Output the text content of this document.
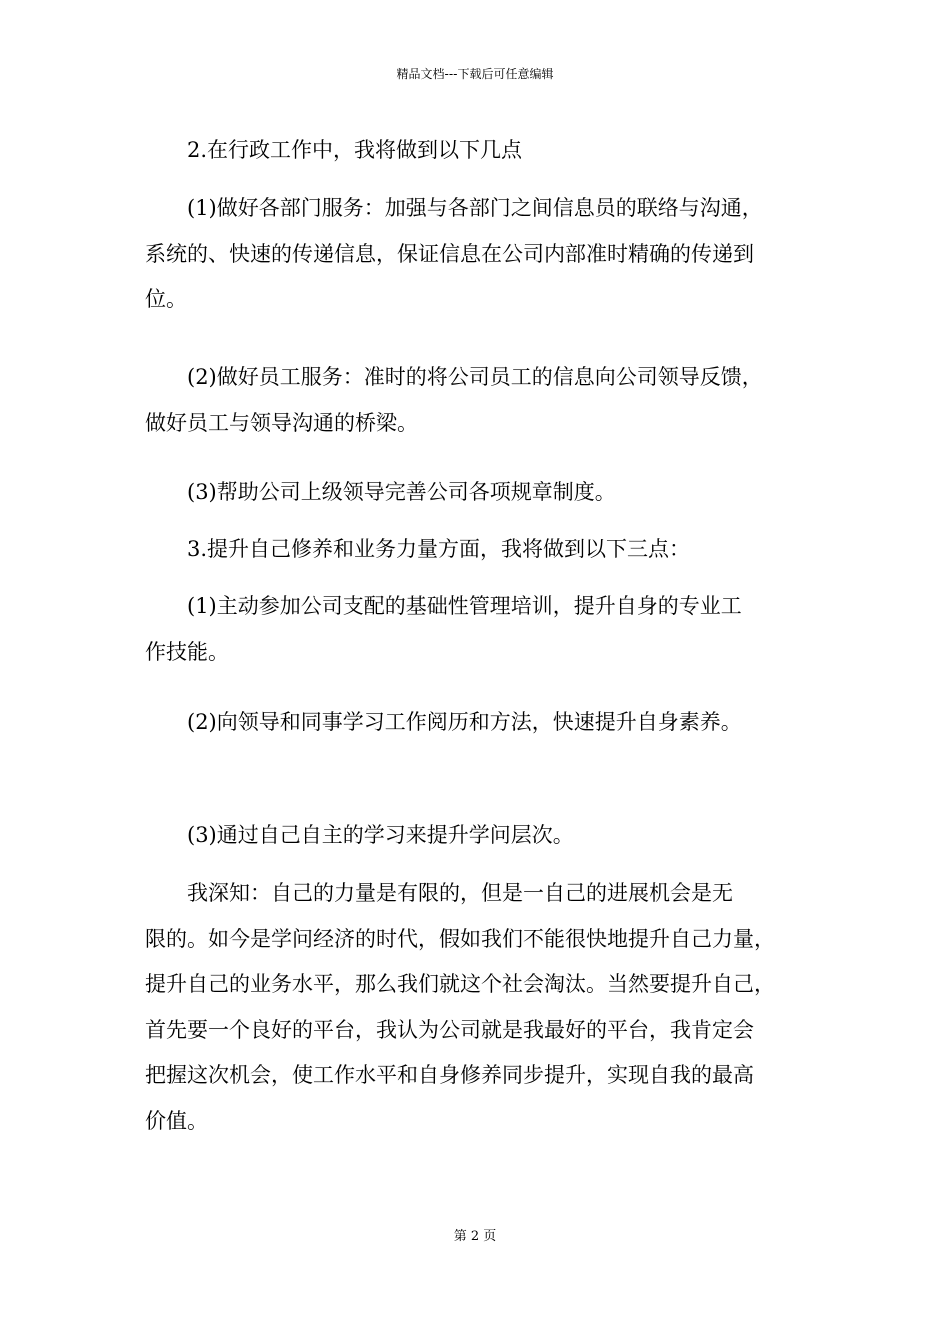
精品文档---下载后可任意编辑

2.在行政工作中，我将做到以下几点

(1)做好各部门服务：加强与各部门之间信息员的联络与沟通，
系统的、快速的传递信息，保证信息在公司内部准时精确的传递到
位。

(2)做好员工服务：准时的将公司员工的信息向公司领导反馈，
做好员工与领导沟通的桥梁。

(3)帮助公司上级领导完善公司各项规章制度。

3.提升自己修养和业务力量方面，我将做到以下三点：

(1)主动参加公司支配的基础性管理培训，提升自身的专业工
作技能。

(2)向领导和同事学习工作阅历和方法，快速提升自身素养。

(3)通过自己自主的学习来提升学问层次。

我深知：自己的力量是有限的，但是一自己的进展机会是无
限的。如今是学问经济的时代，假如我们不能很快地提升自己力量，
提升自己的业务水平，那么我们就这个社会淘汰。当然要提升自己，
首先要一个良好的平台，我认为公司就是我最好的平台，我肯定会
把握这次机会，使工作水平和自身修养同步提升，实现自我的最高
价值。

第 2 页
